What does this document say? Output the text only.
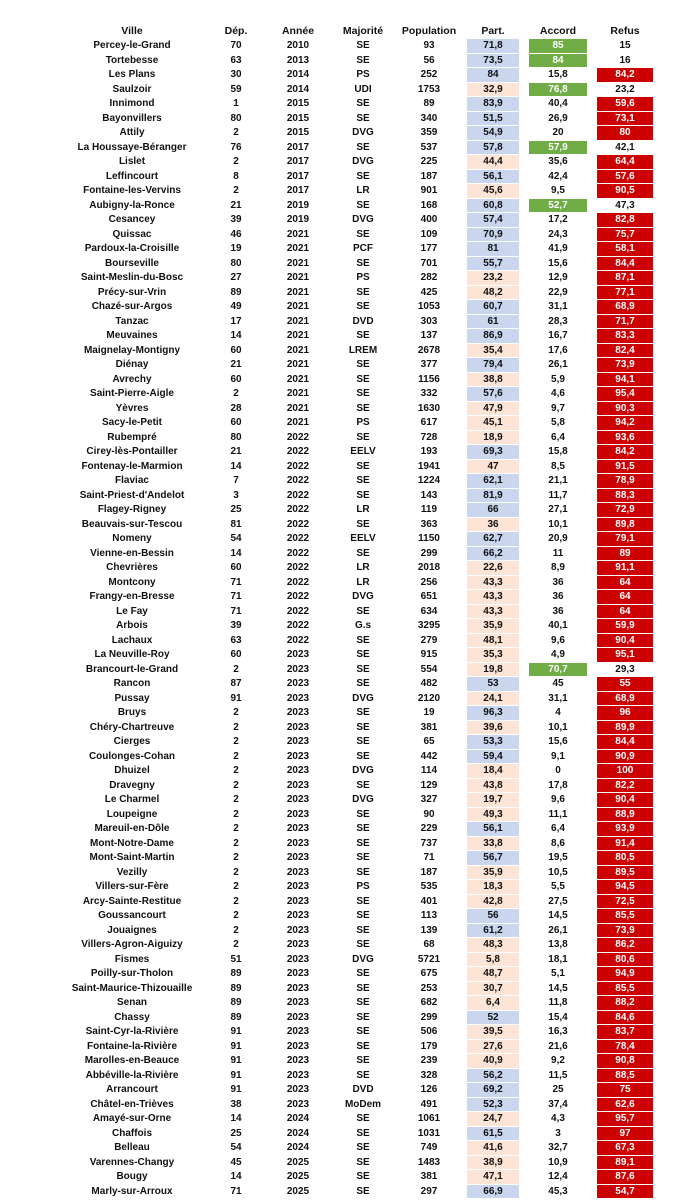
Ville	Dép.	Année	Majorité	Population	Part.	Accord	Refus
Percey-le-Grand	70	2010	SE	93	71,8	85	15
Tortebesse	63	2013	SE	56	73,5	84	16
Les Plans	30	2014	PS	252	84	15,8	84,2
Saulzoir	59	2014	UDI	1753	32,9	76,8	23,2
Innimond	1	2015	SE	89	83,9	40,4	59,6
Bayonvillers	80	2015	SE	340	51,5	26,9	73,1
Attily	2	2015	DVG	359	54,9	20	80
La Houssaye-Béranger	76	2017	SE	537	57,8	57,9	42,1
Lislet	2	2017	DVG	225	44,4	35,6	64,4
Leffincourt	8	2017	SE	187	56,1	42,4	57,6
Fontaine-les-Vervins	2	2017	LR	901	45,6	9,5	90,5
Aubigny-la-Ronce	21	2019	SE	168	60,8	52,7	47,3
Cesancey	39	2019	DVG	400	57,4	17,2	82,8
Quissac	46	2021	SE	109	70,9	24,3	75,7
Pardoux-la-Croisille	19	2021	PCF	177	81	41,9	58,1
Bourseville	80	2021	SE	701	55,7	15,6	84,4
Saint-Meslin-du-Bosc	27	2021	PS	282	23,2	12,9	87,1
Précy-sur-Vrin	89	2021	SE	425	48,2	22,9	77,1
Chazé-sur-Argos	49	2021	SE	1053	60,7	31,1	68,9
Tanzac	17	2021	DVD	303	61	28,3	71,7
Meuvaines	14	2021	SE	137	86,9	16,7	83,3
Maignelay-Montigny	60	2021	LREM	2678	35,4	17,6	82,4
Diénay	21	2021	SE	377	79,4	26,1	73,9
Avrechy	60	2021	SE	1156	38,8	5,9	94,1
Saint-Pierre-Aigle	2	2021	SE	332	57,6	4,6	95,4
Yèvres	28	2021	SE	1630	47,9	9,7	90,3
Sacy-le-Petit	60	2021	PS	617	45,1	5,8	94,2
Rubempré	80	2022	SE	728	18,9	6,4	93,6
Cirey-lès-Pontailler	21	2022	EELV	193	69,3	15,8	84,2
Fontenay-le-Marmion	14	2022	SE	1941	47	8,5	91,5
Flaviac	7	2022	SE	1224	62,1	21,1	78,9
Saint-Priest-d'Andelot	3	2022	SE	143	81,9	11,7	88,3
Flagey-Rigney	25	2022	LR	119	66	27,1	72,9
Beauvais-sur-Tescou	81	2022	SE	363	36	10,1	89,8
Nomeny	54	2022	EELV	1150	62,7	20,9	79,1
Vienne-en-Bessin	14	2022	SE	299	66,2	11	89
Chevrières	60	2022	LR	2018	22,6	8,9	91,1
Montcony	71	2022	LR	256	43,3	36	64
Frangy-en-Bresse	71	2022	DVG	651	43,3	36	64
Le Fay	71	2022	SE	634	43,3	36	64
Arbois	39	2022	G.s	3295	35,9	40,1	59,9
Lachaux	63	2022	SE	279	48,1	9,6	90,4
La Neuville-Roy	60	2023	SE	915	35,3	4,9	95,1
Brancourt-le-Grand	2	2023	SE	554	19,8	70,7	29,3
Rancon	87	2023	SE	482	53	45	55
Pussay	91	2023	DVG	2120	24,1	31,1	68,9
Bruys	2	2023	SE	19	96,3	4	96
Chéry-Chartreuve	2	2023	SE	381	39,6	10,1	89,9
Cierges	2	2023	SE	65	53,3	15,6	84,4
Coulonges-Cohan	2	2023	SE	442	59,4	9,1	90,9
Dhuizel	2	2023	DVG	114	18,4	0	100
Dravegny	2	2023	SE	129	43,8	17,8	82,2
Le Charmel	2	2023	DVG	327	19,7	9,6	90,4
Loupeigne	2	2023	SE	90	49,3	11,1	88,9
Mareuil-en-Dôle	2	2023	SE	229	56,1	6,4	93,9
Mont-Notre-Dame	2	2023	SE	737	33,8	8,6	91,4
Mont-Saint-Martin	2	2023	SE	71	56,7	19,5	80,5
Vezilly	2	2023	SE	187	35,9	10,5	89,5
Villers-sur-Fère	2	2023	PS	535	18,3	5,5	94,5
Arcy-Sainte-Restitue	2	2023	SE	401	42,8	27,5	72,5
Goussancourt	2	2023	SE	113	56	14,5	85,5
Jouaignes	2	2023	SE	139	61,2	26,1	73,9
Villers-Agron-Aiguizy	2	2023	SE	68	48,3	13,8	86,2
Fismes	51	2023	DVG	5721	5,8	18,1	80,6
Poilly-sur-Tholon	89	2023	SE	675	48,7	5,1	94,9
Saint-Maurice-Thizouaille	89	2023	SE	253	30,7	14,5	85,5
Senan	89	2023	SE	682	6,4	11,8	88,2
Chassy	89	2023	SE	299	52	15,4	84,6
Saint-Cyr-la-Rivière	91	2023	SE	506	39,5	16,3	83,7
Fontaine-la-Rivière	91	2023	SE	179	27,6	21,6	78,4
Marolles-en-Beauce	91	2023	SE	239	40,9	9,2	90,8
Abbéville-la-Rivière	91	2023	SE	328	56,2	11,5	88,5
Arrancourt	91	2023	DVD	126	69,2	25	75
Châtel-en-Trièves	38	2023	MoDem	491	52,3	37,4	62,6
Amayé-sur-Orne	14	2024	SE	1061	24,7	4,3	95,7
Chaffois	25	2024	SE	1031	61,5	3	97
Belleau	54	2024	SE	749	41,6	32,7	67,3
Varennes-Changy	45	2025	SE	1483	38,9	10,9	89,1
Bougy	14	2025	SE	381	47,1	12,4	87,6
Marly-sur-Arroux	71	2025	SE	297	66,9	45,3	54,7
